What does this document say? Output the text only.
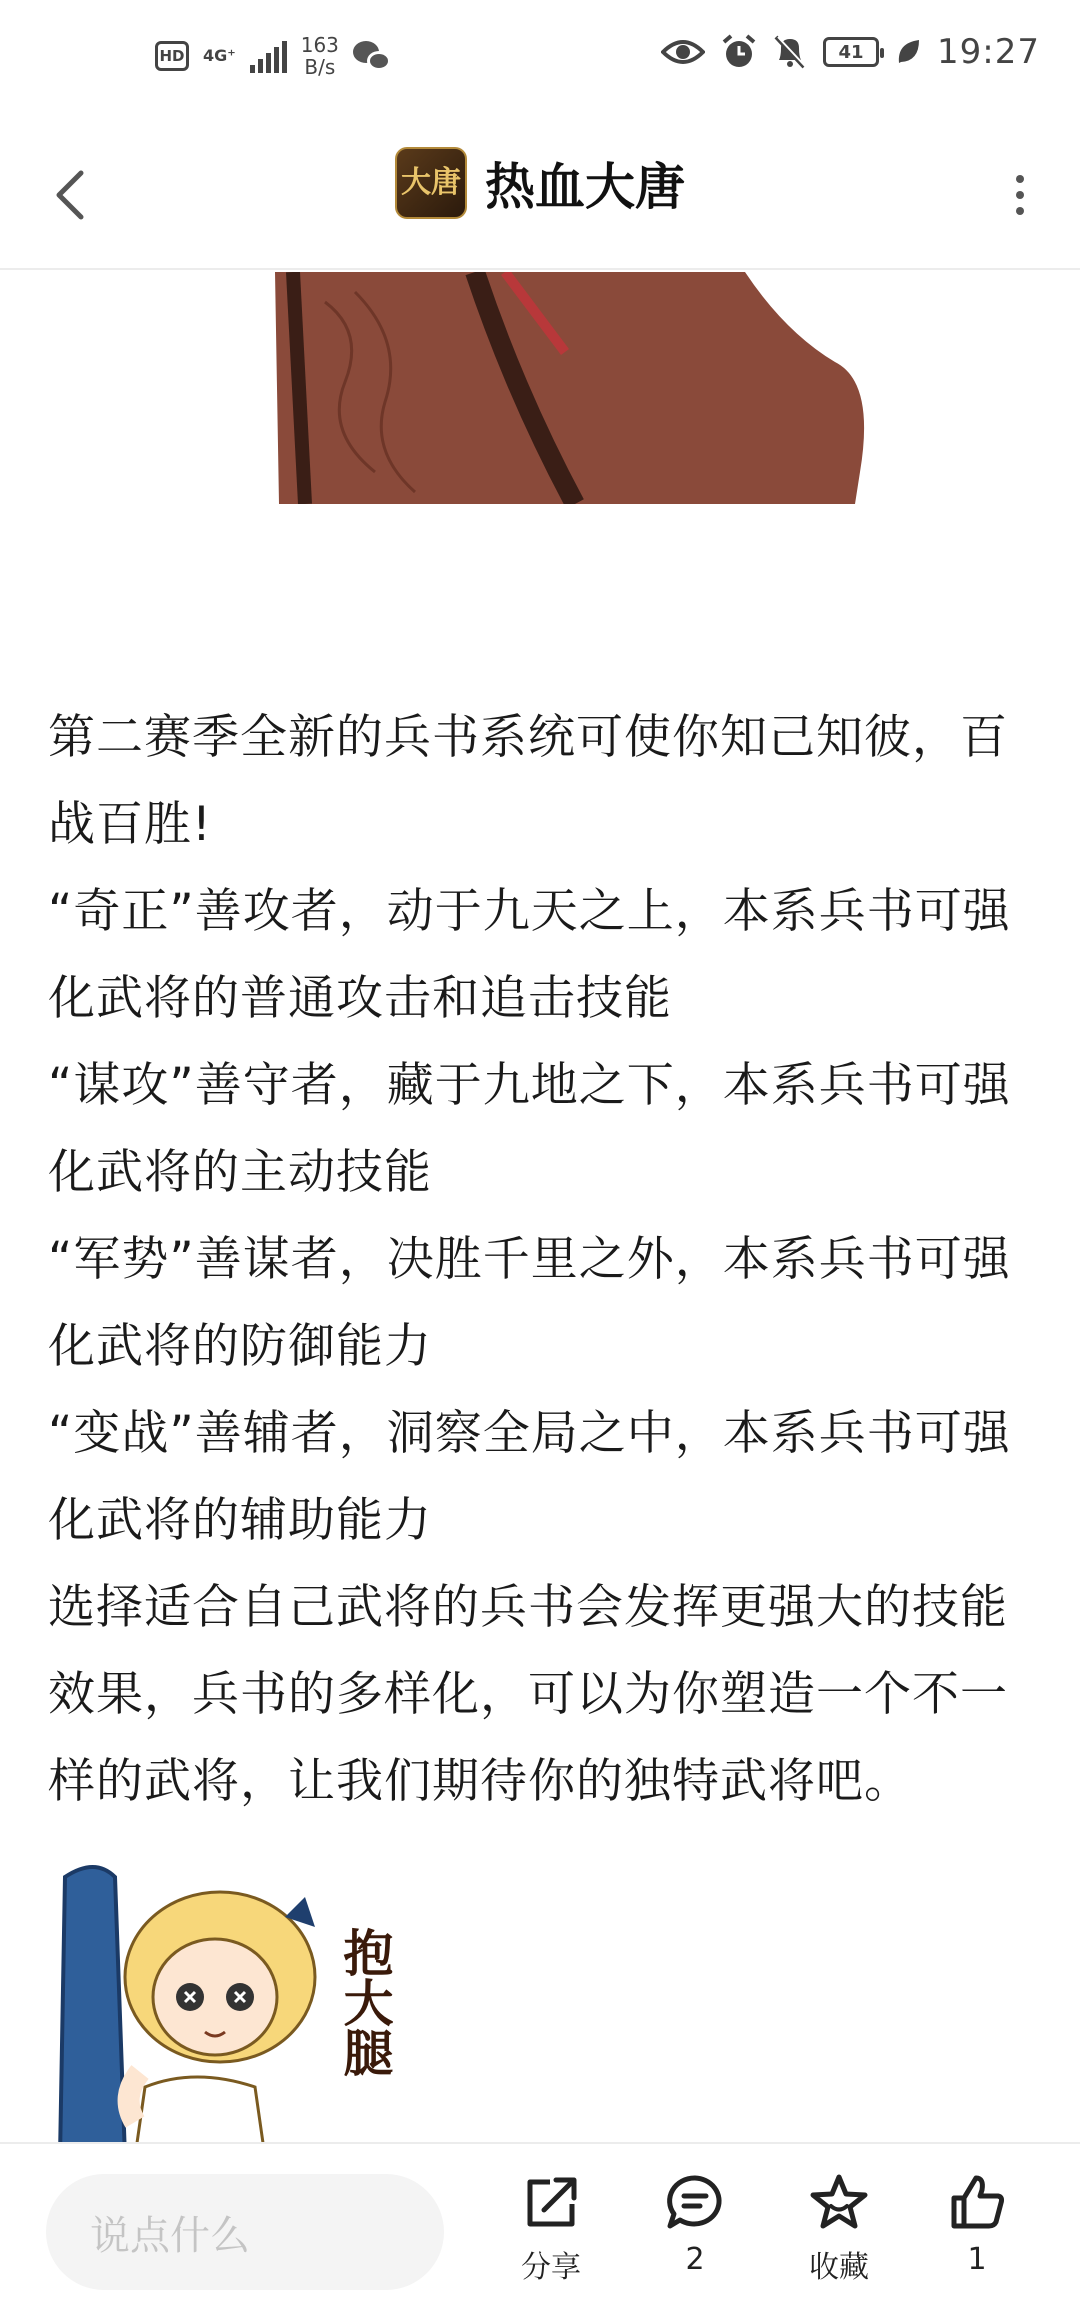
HD 4G⁺	163
B/s
41	19:27
大唐 热血大唐

第二赛季全新的兵书系统可使你知己知彼，百战百胜!

“奇正”善攻者，动于九天之上，本系兵书可强化武将的普通攻击和追击技能

“谋攻”善守者，藏于九地之下，本系兵书可强化武将的主动技能

“军势”善谋者，决胜千里之外，本系兵书可强化武将的防御能力

“变战”善辅者，洞察全局之中，本系兵书可强化武将的辅助能力

选择适合自己武将的兵书会发挥更强大的技能效果，兵书的多样化，可以为你塑造一个不一样的武将，让我们期待你的独特武将吧。

抱大腿
说点什么
分享	2	收藏	1
